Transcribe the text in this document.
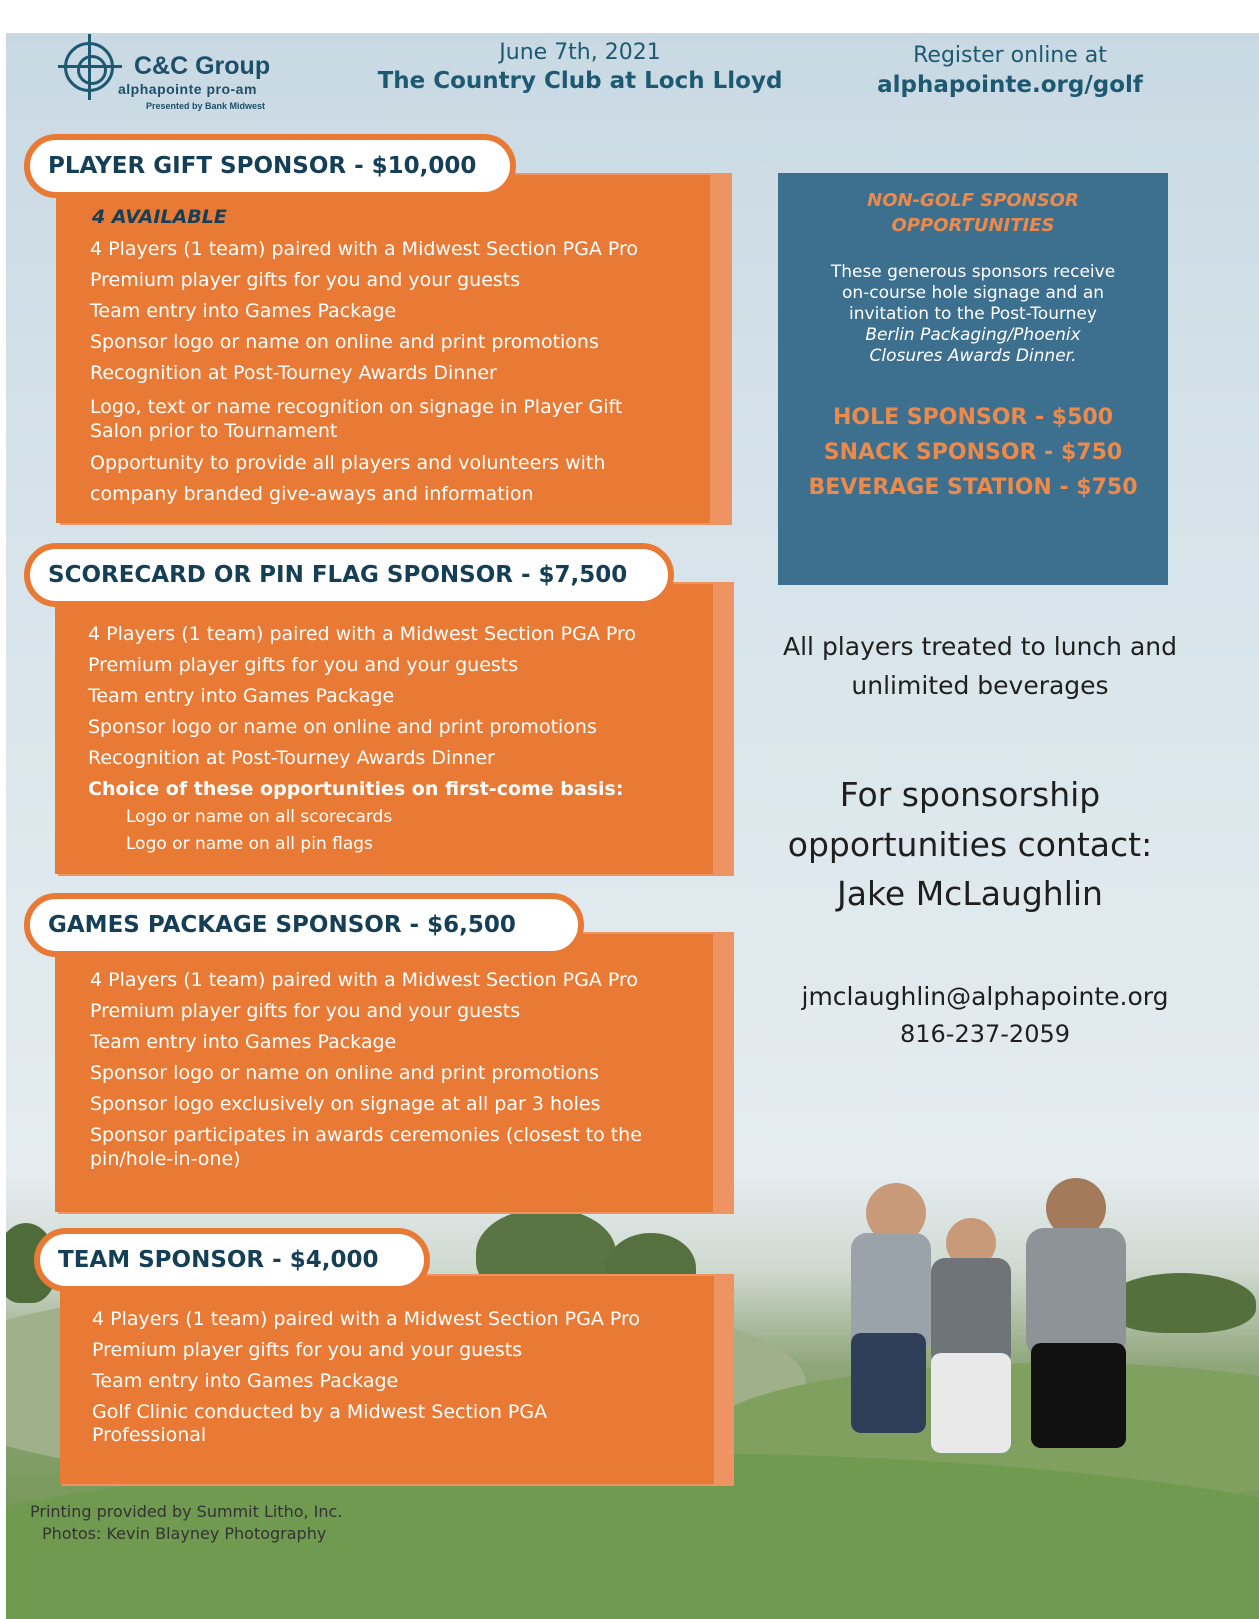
C&C Group
alphapointe pro-am
Presented by Bank Midwest
June 7th, 2021
The Country Club at Loch Lloyd
Register online at
alphapointe.org/golf
PLAYER GIFT SPONSOR - $10,000
4 AVAILABLE
4 Players (1 team) paired with a Midwest Section PGA Pro
Premium player gifts for you and your guests
Team entry into Games Package
Sponsor logo or name on online and print promotions
Recognition at Post-Tourney Awards Dinner
Logo, text or name recognition on signage in Player Gift
Salon prior to Tournament
Opportunity to provide all players and volunteers with
company branded give-aways and information
SCORECARD OR PIN FLAG SPONSOR - $7,500
4 Players (1 team) paired with a Midwest Section PGA Pro
Premium player gifts for you and your guests
Team entry into Games Package
Sponsor logo or name on online and print promotions
Recognition at Post-Tourney Awards Dinner
Choice of these opportunities on first-come basis:
Logo or name on all scorecards
Logo or name on all pin flags
GAMES PACKAGE SPONSOR - $6,500
4 Players (1 team) paired with a Midwest Section PGA Pro
Premium player gifts for you and your guests
Team entry into Games Package
Sponsor logo or name on online and print promotions
Sponsor logo exclusively on signage at all par 3 holes
Sponsor participates in awards ceremonies (closest to the
pin/hole-in-one)
TEAM SPONSOR - $4,000
4 Players (1 team) paired with a Midwest Section PGA Pro
Premium player gifts for you and your guests
Team entry into Games Package
Golf Clinic conducted by a Midwest Section PGA
Professional
NON-GOLF SPONSOR
OPPORTUNITIES
These generous sponsors receive
on-course hole signage and an
invitation to the Post-Tourney
Berlin Packaging/Phoenix
Closures Awards Dinner.
HOLE SPONSOR - $500
SNACK SPONSOR - $750
BEVERAGE STATION - $750
All players treated to lunch and
unlimited beverages
For sponsorship
opportunities contact:
Jake McLaughlin
jmclaughlin@alphapointe.org
816-237-2059
Printing provided by Summit Litho, Inc.
Photos: Kevin Blayney Photography
